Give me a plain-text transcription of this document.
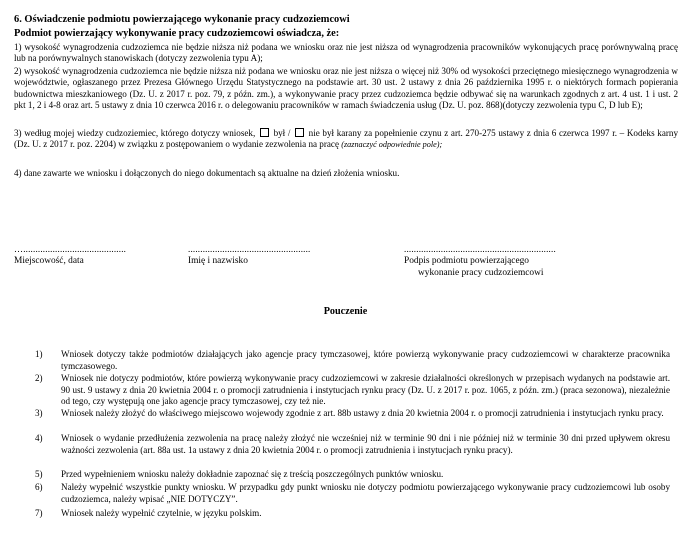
6. Oświadczenie podmiotu powierzającego wykonanie pracy cudzoziemcowi
Podmiot powierzający wykonywanie pracy cudzoziemcowi oświadcza, że:
1) wysokość wynagrodzenia cudzoziemca nie będzie niższa niż podana we wniosku oraz nie jest niższa od wynagrodzenia pracowników wykonujących pracę porównywalną pracę lub na porównywalnych stanowiskach (dotyczy zezwolenia typu A);
2) wysokość wynagrodzenia cudzoziemca nie będzie niższa niż podana we wniosku oraz nie jest niższa o więcej niż 30% od wysokości przeciętnego miesięcznego wynagrodzenia w województwie, ogłaszanego przez Prezesa Głównego Urzędu Statystycznego na podstawie art. 30 ust. 2 ustawy z dnia 26 października 1995 r. o niektórych formach popierania budownictwa mieszkaniowego (Dz. U. z 2017 r. poz. 79, z późn. zm.), a wykonywanie pracy przez cudzoziemca będzie odbywać się na warunkach zgodnych z art. 4 ust. 1 i ust. 2 pkt 1, 2 i 4-8 oraz art. 5 ustawy z dnia 10 czerwca 2016 r. o delegowaniu pracowników w ramach świadczenia usług (Dz. U. poz. 868)(dotyczy zezwolenia typu C, D lub E);
3) według mojej wiedzy cudzoziemiec, którego dotyczy wniosek, był / nie był karany za popełnienie czynu z art. 270-275 ustawy z dnia 6 czerwca 1997 r. – Kodeks karny (Dz. U. z 2017 r. poz. 2204) w związku z postępowaniem o wydanie zezwolenia na pracę (zaznaczyć odpowiednie pole);
4) dane zawarte we wniosku i dołączonych do niego dokumentach są aktualne na dzień złożenia wniosku.
…..........................................
Miejscowość, data
..................................................
Imię i nazwisko
..............................................................
Podpis podmiotu powierzającego
wykonanie pracy cudzoziemcowi
Pouczenie
1) Wniosek dotyczy także podmiotów działających jako agencje pracy tymczasowej, które powierzą wykonywanie pracy cudzoziemcowi w charakterze pracownika tymczasowego.
2) Wniosek nie dotyczy podmiotów, które powierzą wykonywanie pracy cudzoziemcowi w zakresie działalności określonych w przepisach wydanych na podstawie art. 90 ust. 9 ustawy z dnia 20 kwietnia 2004 r. o promocji zatrudnienia i instytucjach rynku pracy (Dz. U. z 2017 r. poz. 1065, z późn. zm.) (praca sezonowa), niezależnie od tego, czy występują one jako agencje pracy tymczasowej, czy też nie.
3) Wniosek należy złożyć do właściwego miejscowo wojewody zgodnie z art. 88b ustawy z dnia 20 kwietnia 2004 r. o promocji zatrudnienia i instytucjach rynku pracy.
4) Wniosek o wydanie przedłużenia zezwolenia na pracę należy złożyć nie wcześniej niż w terminie 90 dni i nie później niż w terminie 30 dni przed upływem okresu ważności zezwolenia (art. 88a ust. 1a ustawy z dnia 20 kwietnia 2004 r. o promocji zatrudnienia i instytucjach rynku pracy).
5) Przed wypełnieniem wniosku należy dokładnie zapoznać się z treścią poszczególnych punktów wniosku.
6) Należy wypełnić wszystkie punkty wniosku. W przypadku gdy punkt wniosku nie dotyczy podmiotu powierzającego wykonywanie pracy cudzoziemcowi lub osoby cudzoziemca, należy wpisać „NIE DOTYCZY”.
7) Wniosek należy wypełnić czytelnie, w języku polskim.
